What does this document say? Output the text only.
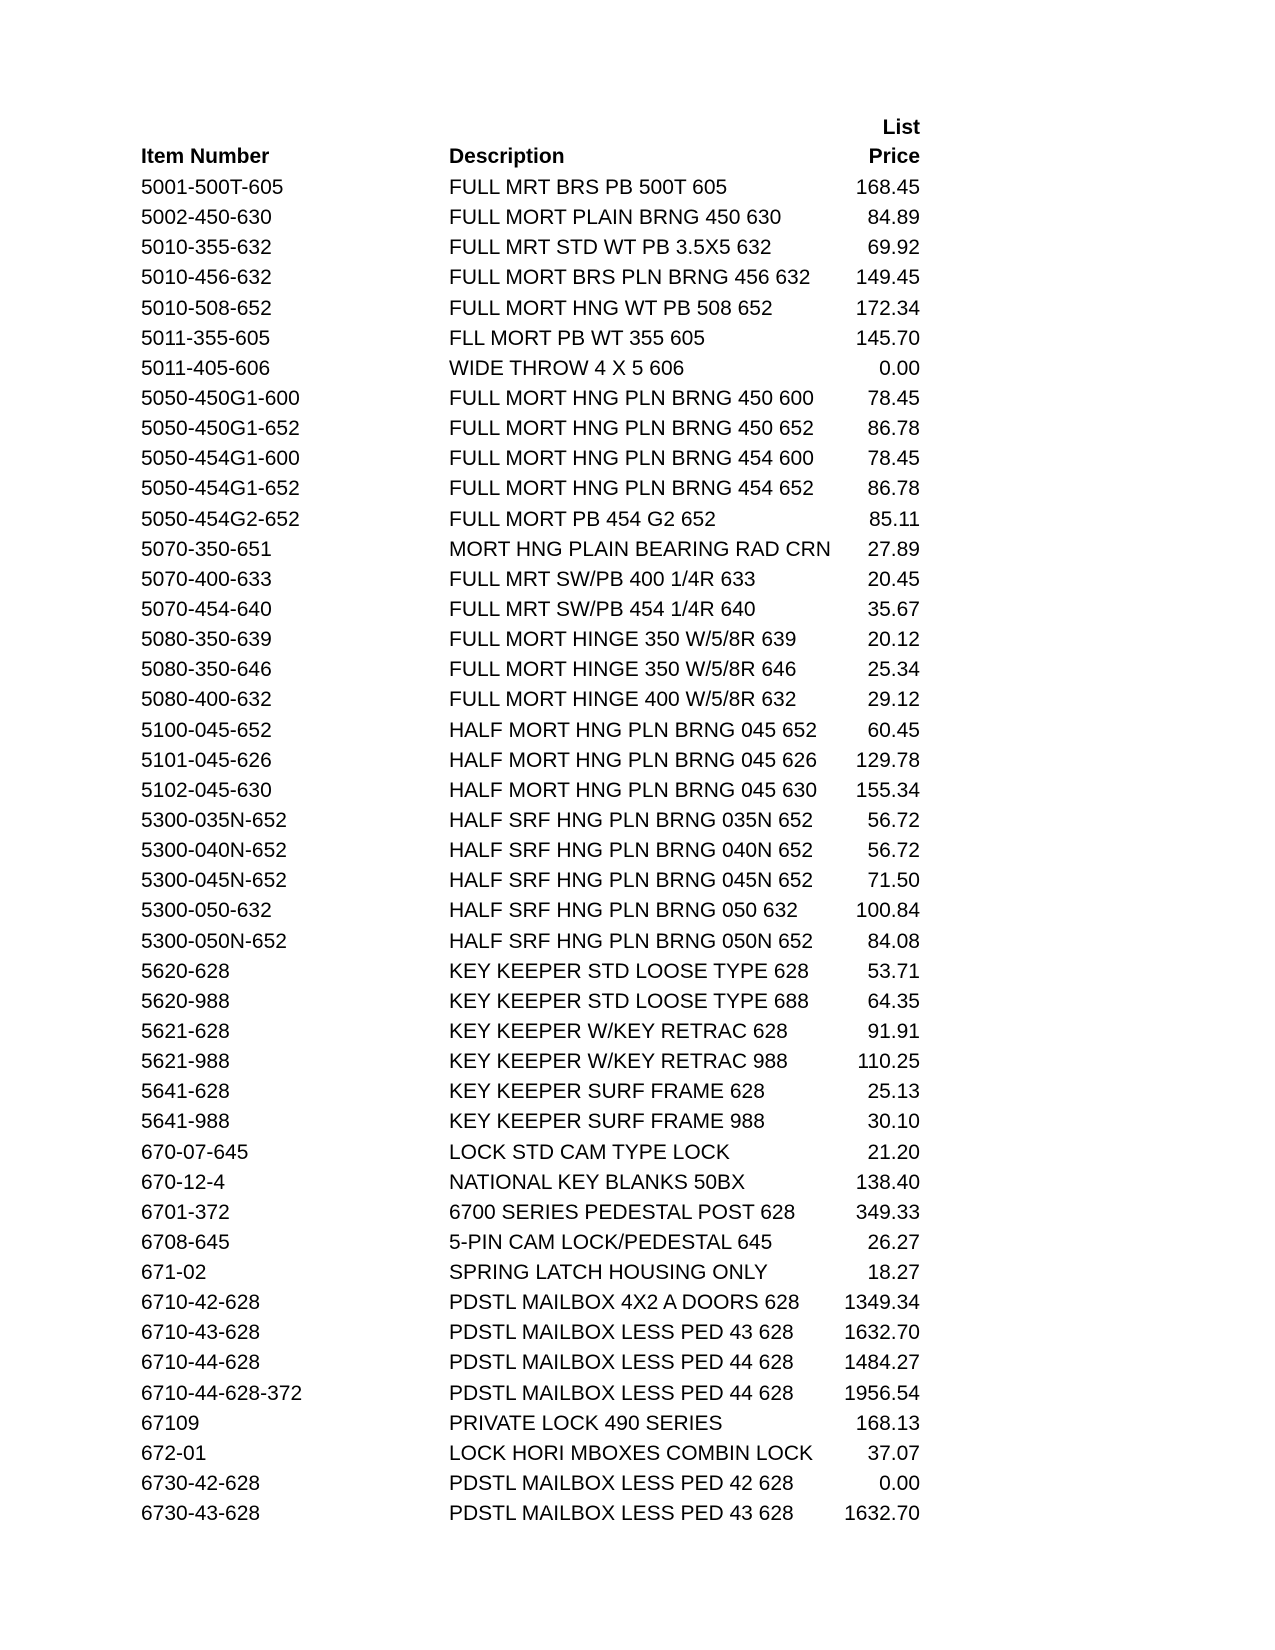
List
Item Number	Description	Price
5001-500T-605	FULL MRT BRS PB 500T 605	168.45
5002-450-630	FULL MORT PLAIN BRNG 450 630	84.89
5010-355-632	FULL MRT STD WT PB 3.5X5 632	69.92
5010-456-632	FULL MORT BRS PLN BRNG 456 632	149.45
5010-508-652	FULL MORT HNG WT PB 508 652	172.34
5011-355-605	FLL MORT PB WT 355 605	145.70
5011-405-606	WIDE THROW 4 X 5 606	0.00
5050-450G1-600	FULL MORT HNG PLN BRNG 450 600	78.45
5050-450G1-652	FULL MORT HNG PLN BRNG 450 652	86.78
5050-454G1-600	FULL MORT HNG PLN BRNG 454 600	78.45
5050-454G1-652	FULL MORT HNG PLN BRNG 454 652	86.78
5050-454G2-652	FULL MORT PB 454 G2 652	85.11
5070-350-651	MORT HNG PLAIN BEARING RAD CRN	27.89
5070-400-633	FULL MRT SW/PB 400 1/4R 633	20.45
5070-454-640	FULL MRT SW/PB 454 1/4R 640	35.67
5080-350-639	FULL MORT HINGE 350 W/5/8R 639	20.12
5080-350-646	FULL MORT HINGE 350 W/5/8R 646	25.34
5080-400-632	FULL MORT HINGE 400 W/5/8R 632	29.12
5100-045-652	HALF MORT HNG PLN BRNG 045 652	60.45
5101-045-626	HALF MORT HNG PLN BRNG 045 626	129.78
5102-045-630	HALF MORT HNG PLN BRNG 045 630	155.34
5300-035N-652	HALF SRF HNG PLN BRNG 035N 652	56.72
5300-040N-652	HALF SRF HNG PLN BRNG 040N 652	56.72
5300-045N-652	HALF SRF HNG PLN BRNG 045N 652	71.50
5300-050-632	HALF SRF HNG PLN BRNG 050 632	100.84
5300-050N-652	HALF SRF HNG PLN BRNG 050N 652	84.08
5620-628	KEY KEEPER STD LOOSE TYPE 628	53.71
5620-988	KEY KEEPER STD LOOSE TYPE 688	64.35
5621-628	KEY KEEPER W/KEY RETRAC 628	91.91
5621-988	KEY KEEPER W/KEY RETRAC 988	110.25
5641-628	KEY KEEPER SURF FRAME 628	25.13
5641-988	KEY KEEPER SURF FRAME 988	30.10
670-07-645	LOCK STD CAM TYPE LOCK	21.20
670-12-4	NATIONAL KEY BLANKS 50BX	138.40
6701-372	6700 SERIES PEDESTAL POST 628	349.33
6708-645	5-PIN CAM LOCK/PEDESTAL 645	26.27
671-02	SPRING LATCH HOUSING ONLY	18.27
6710-42-628	PDSTL MAILBOX 4X2 A DOORS 628	1349.34
6710-43-628	PDSTL MAILBOX LESS PED 43 628	1632.70
6710-44-628	PDSTL MAILBOX LESS PED 44 628	1484.27
6710-44-628-372	PDSTL MAILBOX LESS PED 44 628	1956.54
67109	PRIVATE LOCK 490 SERIES	168.13
672-01	LOCK HORI MBOXES COMBIN LOCK	37.07
6730-42-628	PDSTL MAILBOX LESS PED 42 628	0.00
6730-43-628	PDSTL MAILBOX LESS PED 43 628	1632.70
